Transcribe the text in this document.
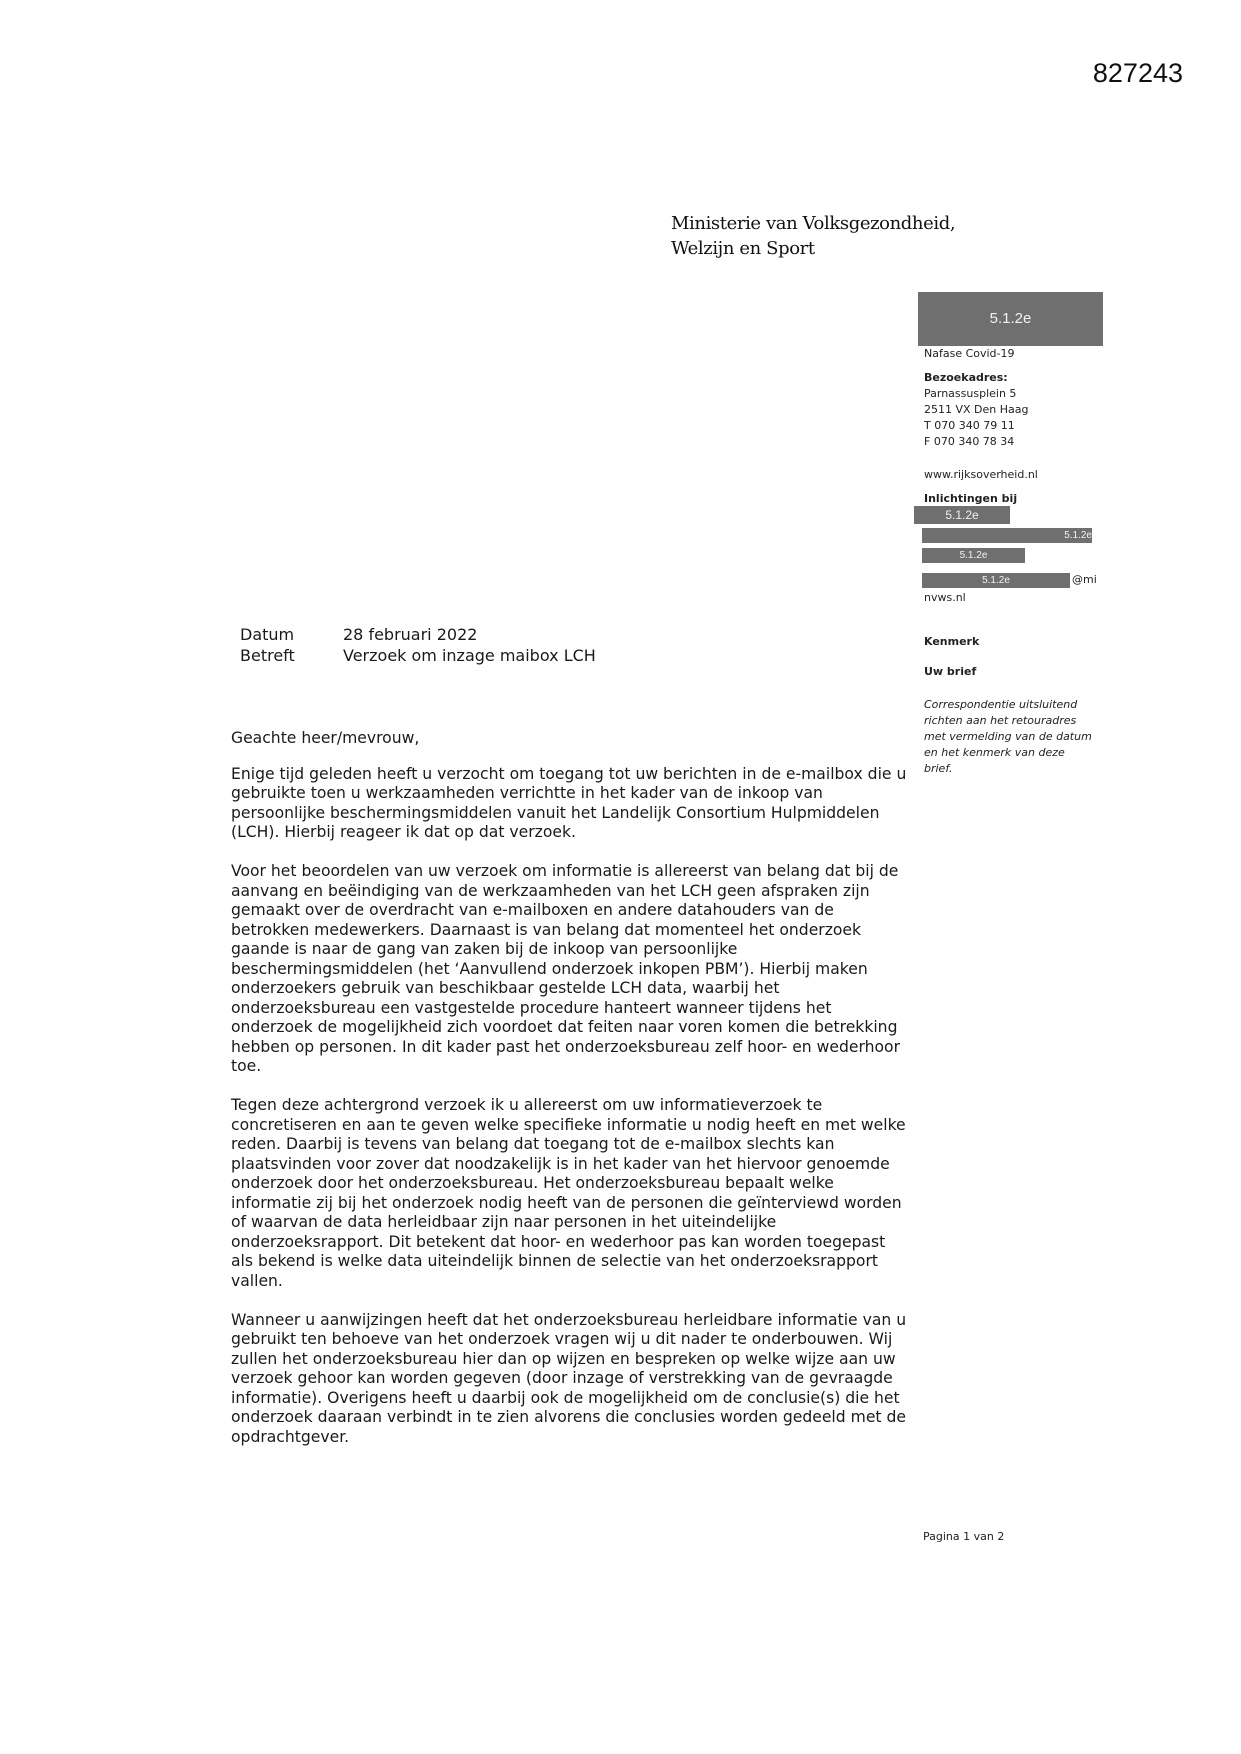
827243
Ministerie van Volksgezondheid,
Welzijn en Sport
5.1.2e
Nafase Covid-19
Bezoekadres:
Parnassusplein 5
2511 VX Den Haag
T 070 340 79 11
F 070 340 78 34
www.rijksoverheid.nl
Inlichtingen bij
5.1.2e
5.1.2e
5.1.2e
5.1.2e	@mi
nvws.nl
Kenmerk
Uw brief
Correspondentie uitsluitend
richten aan het retouradres
met vermelding van de datum
en het kenmerk van deze
brief.
Datum	28 februari 2022
Betreft	Verzoek om inzage maibox LCH

Geachte heer/mevrouw,

Enige tijd geleden heeft u verzocht om toegang tot uw berichten in de e-mailbox die u gebruikte toen u werkzaamheden verrichtte in het kader van de inkoop van persoonlijke beschermingsmiddelen vanuit het Landelijk Consortium Hulpmiddelen (LCH). Hierbij reageer ik dat op dat verzoek.

Voor het beoordelen van uw verzoek om informatie is allereerst van belang dat bij de aanvang en beëindiging van de werkzaamheden van het LCH geen afspraken zijn gemaakt over de overdracht van e-mailboxen en andere datahouders van de betrokken medewerkers. Daarnaast is van belang dat momenteel het onderzoek gaande is naar de gang van zaken bij de inkoop van persoonlijke beschermingsmiddelen (het ‘Aanvullend onderzoek inkopen PBM’). Hierbij maken onderzoekers gebruik van beschikbaar gestelde LCH data, waarbij het onderzoeksbureau een vastgestelde procedure hanteert wanneer tijdens het onderzoek de mogelijkheid zich voordoet dat feiten naar voren komen die betrekking hebben op personen. In dit kader past het onderzoeksbureau zelf hoor- en wederhoor toe.

Tegen deze achtergrond verzoek ik u allereerst om uw informatieverzoek te concretiseren en aan te geven welke specifieke informatie u nodig heeft en met welke reden. Daarbij is tevens van belang dat toegang tot de e-mailbox slechts kan plaatsvinden voor zover dat noodzakelijk is in het kader van het hiervoor genoemde onderzoek door het onderzoeksbureau. Het onderzoeksbureau bepaalt welke informatie zij bij het onderzoek nodig heeft van de personen die geïnterviewd worden of waarvan de data herleidbaar zijn naar personen in het uiteindelijke onderzoeksrapport. Dit betekent dat hoor- en wederhoor pas kan worden toegepast als bekend is welke data uiteindelijk binnen de selectie van het onderzoeksrapport vallen.

Wanneer u aanwijzingen heeft dat het onderzoeksbureau herleidbare informatie van u gebruikt ten behoeve van het onderzoek vragen wij u dit nader te onderbouwen. Wij zullen het onderzoeksbureau hier dan op wijzen en bespreken op welke wijze aan uw verzoek gehoor kan worden gegeven (door inzage of verstrekking van de gevraagde informatie). Overigens heeft u daarbij ook de mogelijkheid om de conclusie(s) die het onderzoek daaraan verbindt in te zien alvorens die conclusies worden gedeeld met de opdrachtgever.

Pagina 1 van 2
